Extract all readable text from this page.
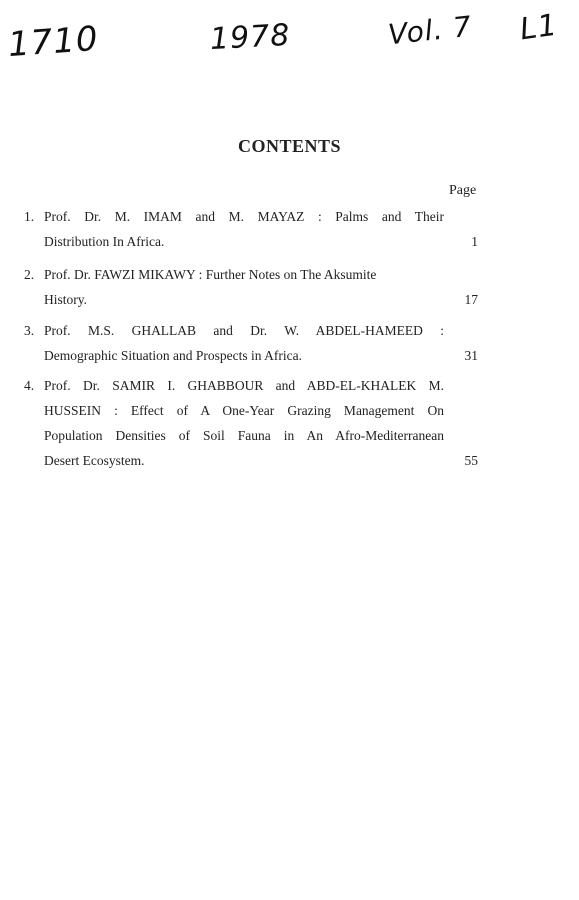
1710	1978	Vol. 7 L1
CONTENTS
Page
1. Prof. Dr. M. IMAM and M. MAYAZ : Palms and Their
Distribution In Africa.	1
2. Prof. Dr. FAWZI MIKAWY : Further Notes on The Aksumite
History.	17
3. Prof. M.S. GHALLAB and Dr. W. ABDEL-HAMEED :
Demographic Situation and Prospects in Africa.	31
4. Prof. Dr. SAMIR I. GHABBOUR and ABD-EL-KHALEK M.
HUSSEIN : Effect of A One-Year Grazing Management On
Population Densities of Soil Fauna in An Afro-Mediterranean
Desert Ecosystem.	55
